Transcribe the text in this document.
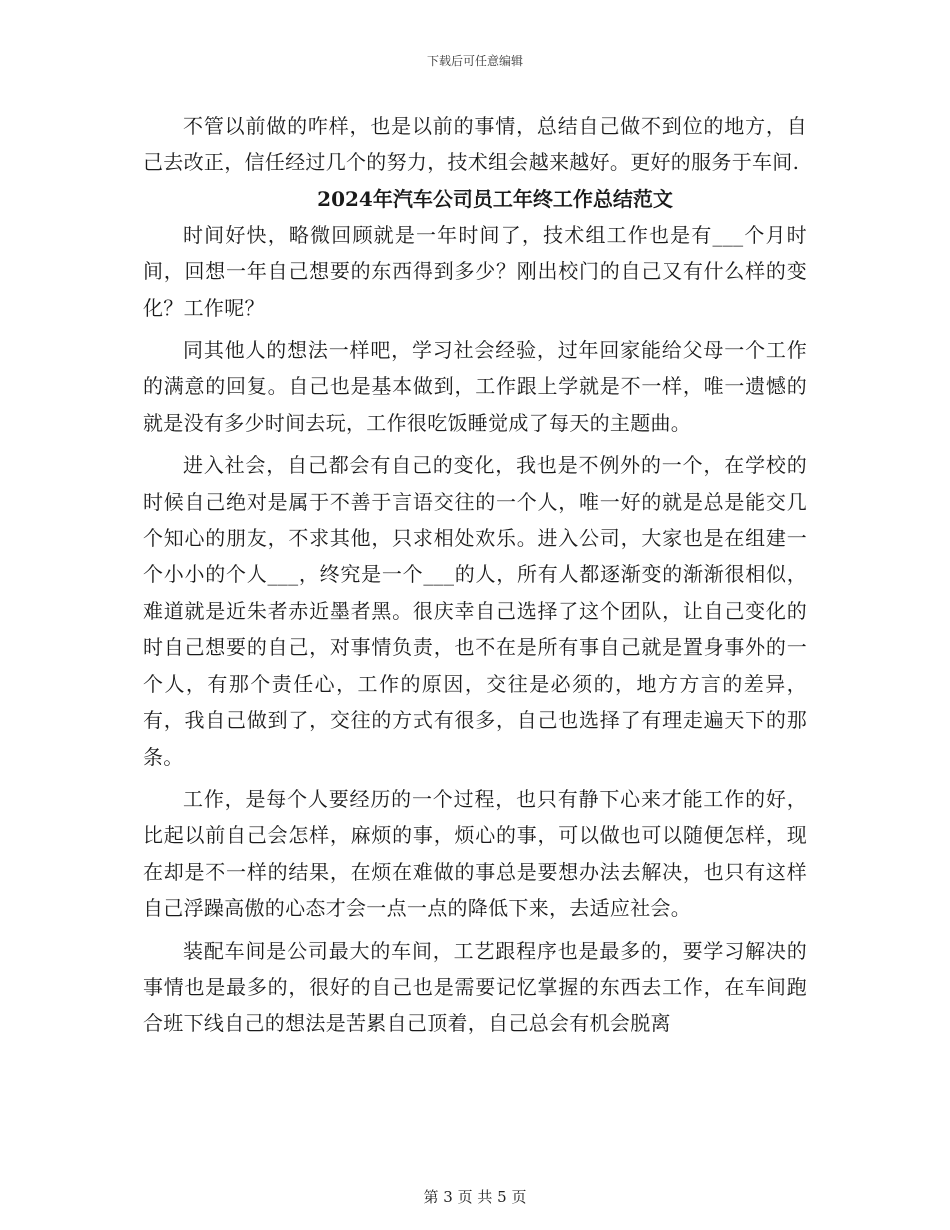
下载后可任意编辑

不管以前做的咋样，也是以前的事情，总结自己做不到位的地方，自己去改正，信任经过几个的努力，技术组会越来越好。更好的服务于车间.

2024年汽车公司员工年终工作总结范文

时间好快，略微回顾就是一年时间了，技术组工作也是有___个月时间，回想一年自己想要的东西得到多少？刚出校门的自己又有什么样的变化？工作呢？

同其他人的想法一样吧，学习社会经验，过年回家能给父母一个工作的满意的回复。自己也是基本做到，工作跟上学就是不一样，唯一遗憾的就是没有多少时间去玩，工作很吃饭睡觉成了每天的主题曲。

进入社会，自己都会有自己的变化，我也是不例外的一个，在学校的时候自己绝对是属于不善于言语交往的一个人，唯一好的就是总是能交几个知心的朋友，不求其他，只求相处欢乐。进入公司，大家也是在组建一个小小的个人___，终究是一个___的人，所有人都逐渐变的渐渐很相似，难道就是近朱者赤近墨者黑。很庆幸自己选择了这个团队，让自己变化的时自己想要的自己，对事情负责，也不在是所有事自己就是置身事外的一个人，有那个责任心，工作的原因，交往是必须的，地方方言的差异，有，我自己做到了，交往的方式有很多，自己也选择了有理走遍天下的那条。

工作，是每个人要经历的一个过程，也只有静下心来才能工作的好，比起以前自己会怎样，麻烦的事，烦心的事，可以做也可以随便怎样，现在却是不一样的结果，在烦在难做的事总是要想办法去解决，也只有这样自己浮躁高傲的心态才会一点一点的降低下来，去适应社会。

装配车间是公司最大的车间，工艺跟程序也是最多的，要学习解决的事情也是最多的，很好的自己也是需要记忆掌握的东西去工作，在车间跑合班下线自己的想法是苦累自己顶着，自己总会有机会脱离

第 3 页 共 5 页
